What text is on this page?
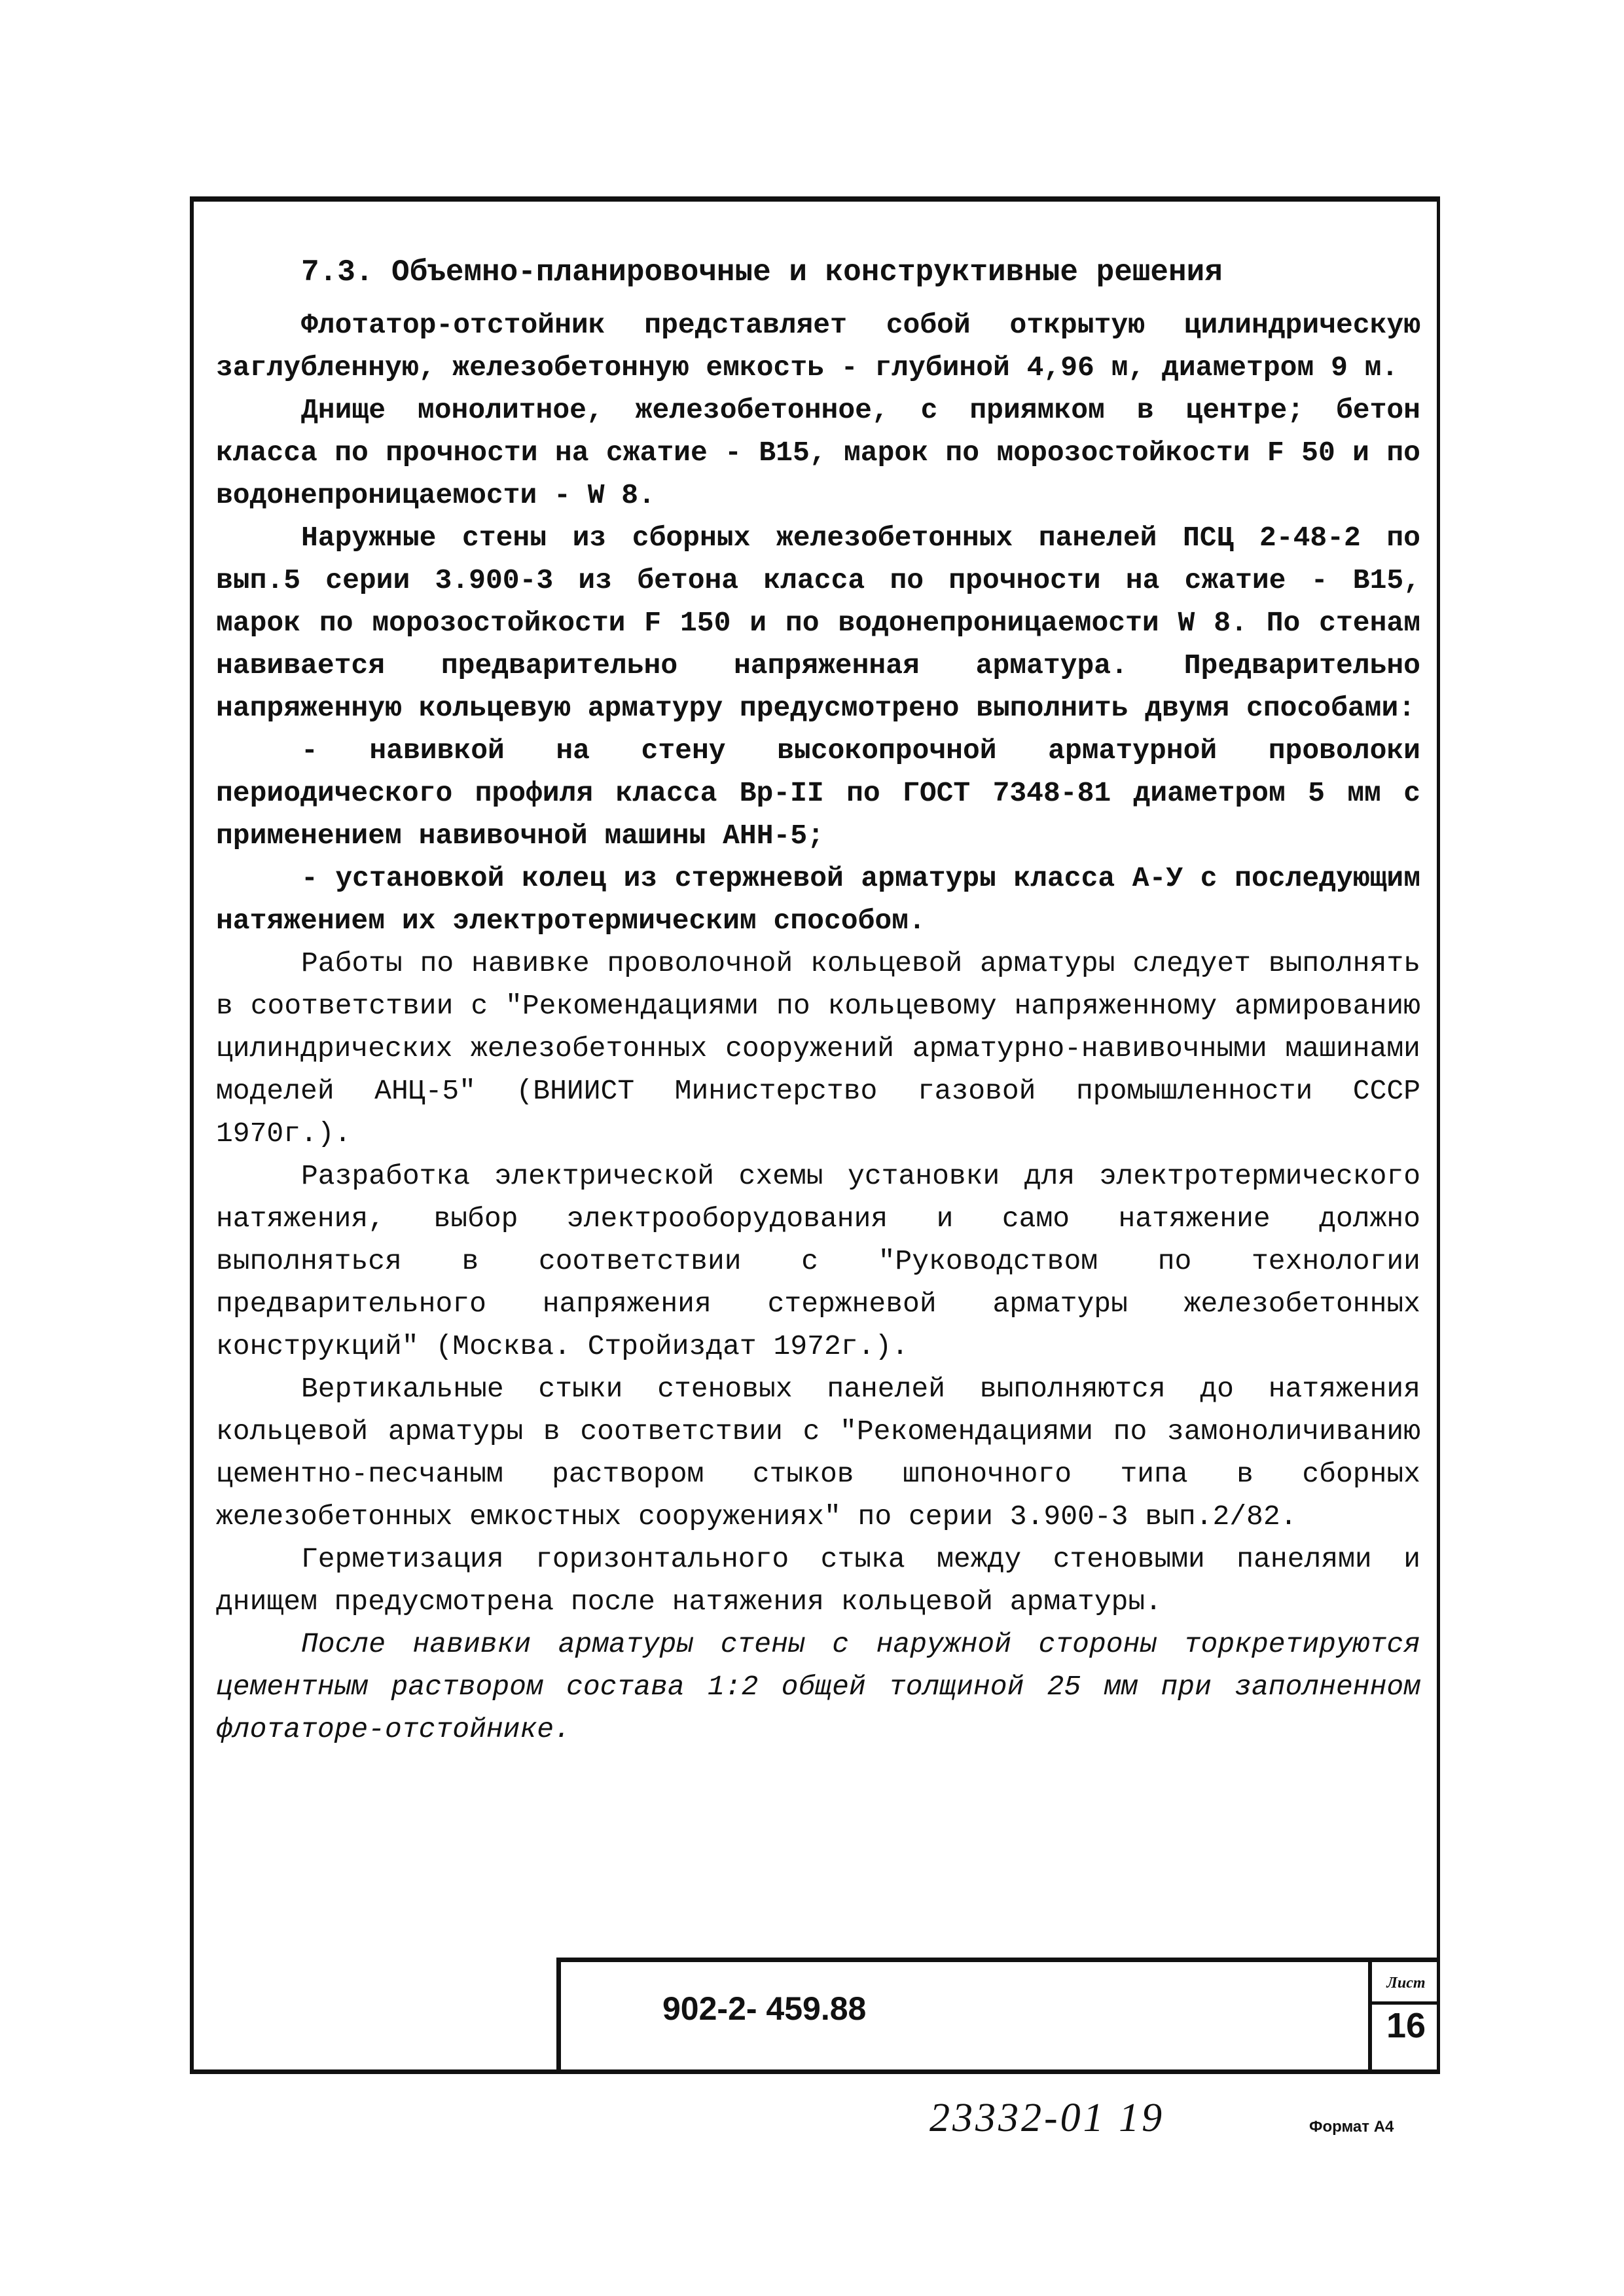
7.3. Объемно-планировочные и конструктивные решения

Флотатор-отстойник представляет собой открытую цилиндрическую заглубленную, железобетонную емкость - глубиной 4,96 м, диаметром 9 м.

Днище монолитное, железобетонное, с приямком в центре; бетон класса по прочности на сжатие - В15, марок по морозостойкости F 50 и по водонепроницаемости - W 8.

Наружные стены из сборных железобетонных панелей ПСЦ 2-48-2 по вып.5 серии 3.900-3 из бетона класса по прочности на сжатие - В15, марок по морозостойкости F 150 и по водонепроницаемости W 8. По стенам навивается предварительно напряженная арматура. Предварительно напряженную кольцевую арматуру предусмотрено выполнить двумя способами:

- навивкой на стену высокопрочной арматурной проволоки периодического профиля класса Вр-II по ГОСТ 7348-81 диаметром 5 мм с применением навивочной машины АНН-5;

- установкой колец из стержневой арматуры класса А-У с последующим натяжением их электротермическим способом.

Работы по навивке проволочной кольцевой арматуры следует выполнять в соответствии с "Рекомендациями по кольцевому напряженному армированию цилиндрических железобетонных сооружений арматурно-навивочными машинами моделей АНЦ-5" (ВНИИСТ Министерство газовой промышленности СССР 1970г.).

Разработка электрической схемы установки для электротермического натяжения, выбор электрооборудования и само натяжение должно выполняться в соответствии с "Руководством по технологии предварительного напряжения стержневой арматуры железобетонных конструкций" (Москва. Стройиздат 1972г.).

Вертикальные стыки стеновых панелей выполняются до натяжения кольцевой арматуры в соответствии с "Рекомендациями по замоноличиванию цементно-песчаным раствором стыков шпоночного типа в сборных железобетонных емкостных сооружениях" по серии 3.900-3 вып.2/82.

Герметизация горизонтального стыка между стеновыми панелями и днищем предусмотрена после натяжения кольцевой арматуры.

После навивки арматуры стены с наружной стороны торкретируются цементным раствором состава 1:2 общей толщиной 25 мм при заполненном флотаторе-отстойнике.

902-2- 459.88
Лист
16
23332-01 19	Формат А4
